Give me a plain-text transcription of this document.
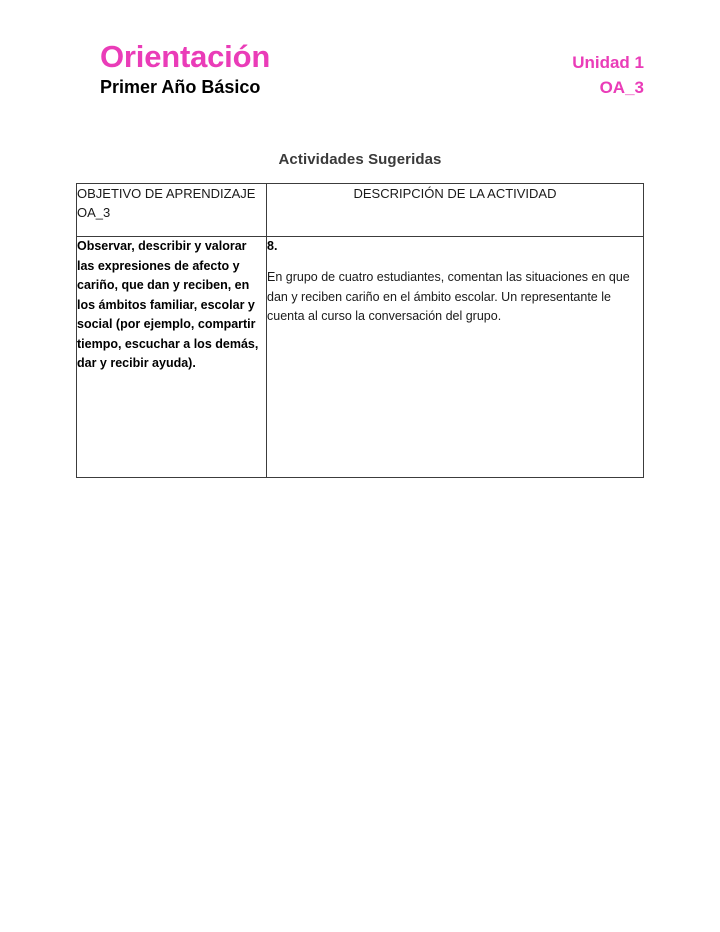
Orientación
Primer Año Básico
Unidad 1
OA_3
Actividades Sugeridas
OBJETIVO DE APRENDIZAJE OA_3	DESCRIPCIÓN DE LA ACTIVIDAD

Observar, describir y valorar las expresiones de afecto y cariño, que dan y reciben, en los ámbitos familiar, escolar y social (por ejemplo, compartir tiempo, escuchar a los demás, dar y recibir ayuda).	8.

En grupo de cuatro estudiantes, comentan las situaciones en que dan y reciben cariño en el ámbito escolar. Un representante le cuenta al curso la conversación del grupo.
